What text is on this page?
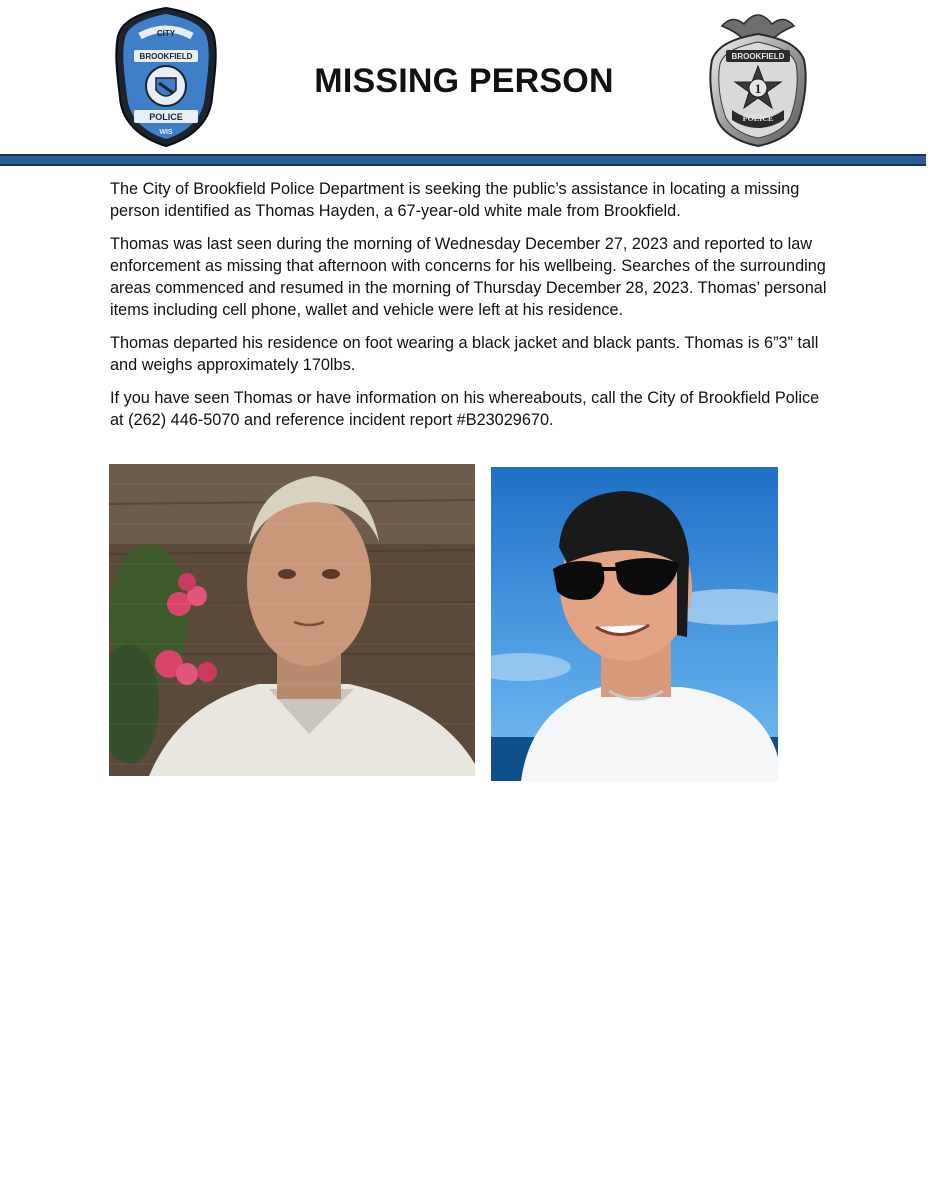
CITY
BROOKFIELD
POLICE
WIS
MISSING PERSON
BROOKFIELD
1
POLICE

The City of Brookfield Police Department is seeking the public’s assistance in locating a missing person identified as Thomas Hayden, a 67-year-old white male from Brookfield.

Thomas was last seen during the morning of Wednesday December 27, 2023 and reported to law enforcement as missing that afternoon with concerns for his wellbeing. Searches of the surrounding areas commenced and resumed in the morning of Thursday December 28, 2023. Thomas’ personal items including cell phone, wallet and vehicle were left at his residence.

Thomas departed his residence on foot wearing a black jacket and black pants. Thomas is 6”3” tall and weighs approximately 170lbs.

If you have seen Thomas or have information on his whereabouts, call the City of Brookfield Police at (262) 446-5070 and reference incident report #B23029670.
